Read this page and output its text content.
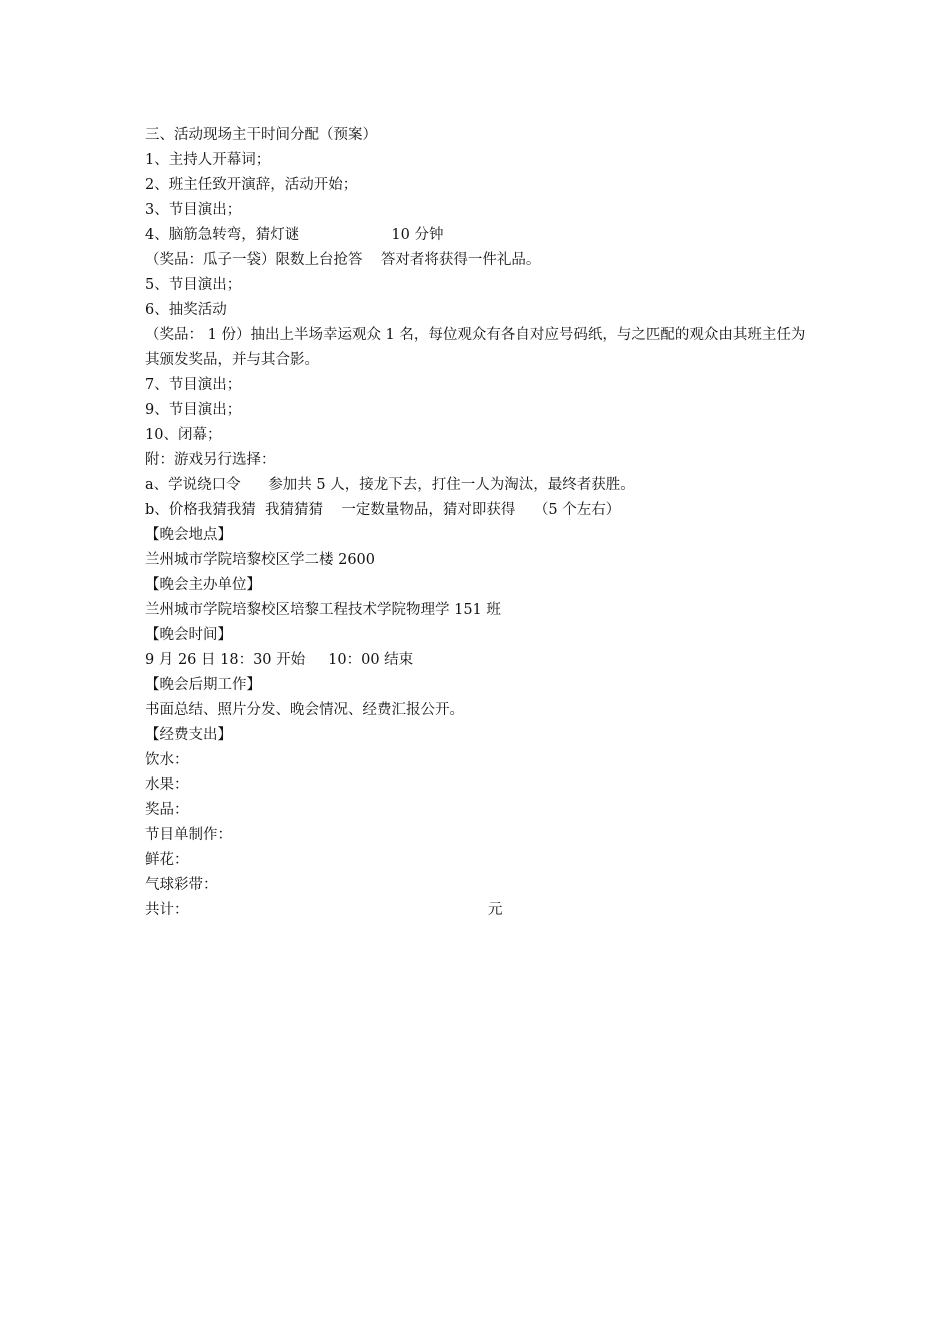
三、活动现场主干时间分配（预案）

1、主持人开幕词；

2、班主任致开演辞，活动开始；

3、节目演出；

4、脑筋急转弯，猜灯谜                    10 分钟

（奖品：瓜子一袋）限数上台抢答    答对者将获得一件礼品。

5、节目演出；

6、抽奖活动

（奖品： 1 份）抽出上半场幸运观众 1 名，每位观众有各自对应号码纸，与之匹配的观众由其班主任为其颁发奖品，并与其合影。

7、节目演出；

9、节目演出；

10、闭幕；

附：游戏另行选择：

a、学说绕口令      参加共 5 人，接龙下去，打住一人为淘汰，最终者获胜。

b、价格我猜我猜  我猜猜猜    一定数量物品，猜对即获得    （5 个左右）

【晚会地点】

兰州城市学院培黎校区学二楼 2600

【晚会主办单位】

兰州城市学院培黎校区培黎工程技术学院物理学 151 班

【晚会时间】

9 月 26 日 18：30 开始     10：00 结束

【晚会后期工作】

书面总结、照片分发、晚会情况、经费汇报公开。

【经费支出】

饮水：

水果：

奖品：

节目单制作：

鲜花：

气球彩带：

共计：	元
